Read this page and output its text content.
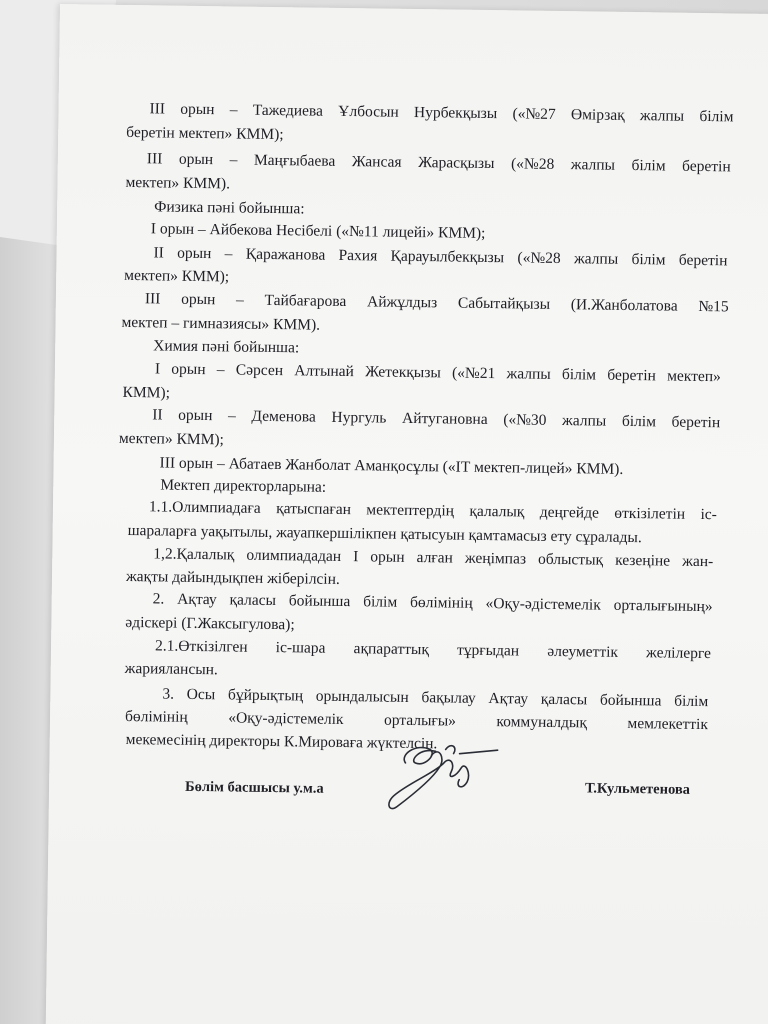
III орын – Тажедиева Ұлбосын Нурбекқызы («№27 Өмірзақ жалпы білім
беретін мектеп» КММ);
III орын – Маңғыбаева Жансая Жарасқызы («№28 жалпы білім беретін
мектеп» КММ).
Физика пәні бойынша:
І орын – Айбекова Несібелі («№11 лицейі» КММ);
ІІ орын – Қаражанова Рахия Қарауылбекқызы («№28 жалпы білім беретін
мектеп» КММ);
III орын – Тайбағарова Айжұлдыз Сабытайқызы (И.Жанболатова №15
мектеп – гимназиясы» КММ).
Химия пәні бойынша:
І орын – Сәрсен Алтынай Жетекқызы («№21 жалпы білім беретін мектеп»
КММ);
ІІ орын – Деменова Нургуль Айтугановна («№30 жалпы білім беретін
мектеп» КММ);
III орын – Абатаев Жанболат Аманқосұлы («ІТ мектеп-лицей» КММ).
Мектеп директорларына:
1.1.Олимпиадаға қатыспаған мектептердің қалалық деңгейде өткізілетін іс-
шараларға уақытылы, жауапкершілікпен қатысуын қамтамасыз ету сұралады.
1,2.Қалалық олимпиададан І орын алған жеңімпаз облыстық кезеңіне жан-
жақты дайындықпен жіберілсін.
2. Ақтау қаласы бойынша білім бөлімінің «Оқу-әдістемелік орталығының»
әдіскері (Г.Жаксыгулова);
2.1.Өткізілген іс-шара ақпараттық тұрғыдан әлеуметтік желілерге
жарияланcын.
3. Осы бұйрықтың орындалысын бақылау Ақтау қаласы бойынша білім
бөлімінің	«Оқу-әдістемелік	орталығы»	коммуналдық	мемлекеттік
мекемесінің директоры К.Мироваға жүктелсін.
Бөлім басшысы у.м.а	Т.Кульметенова
